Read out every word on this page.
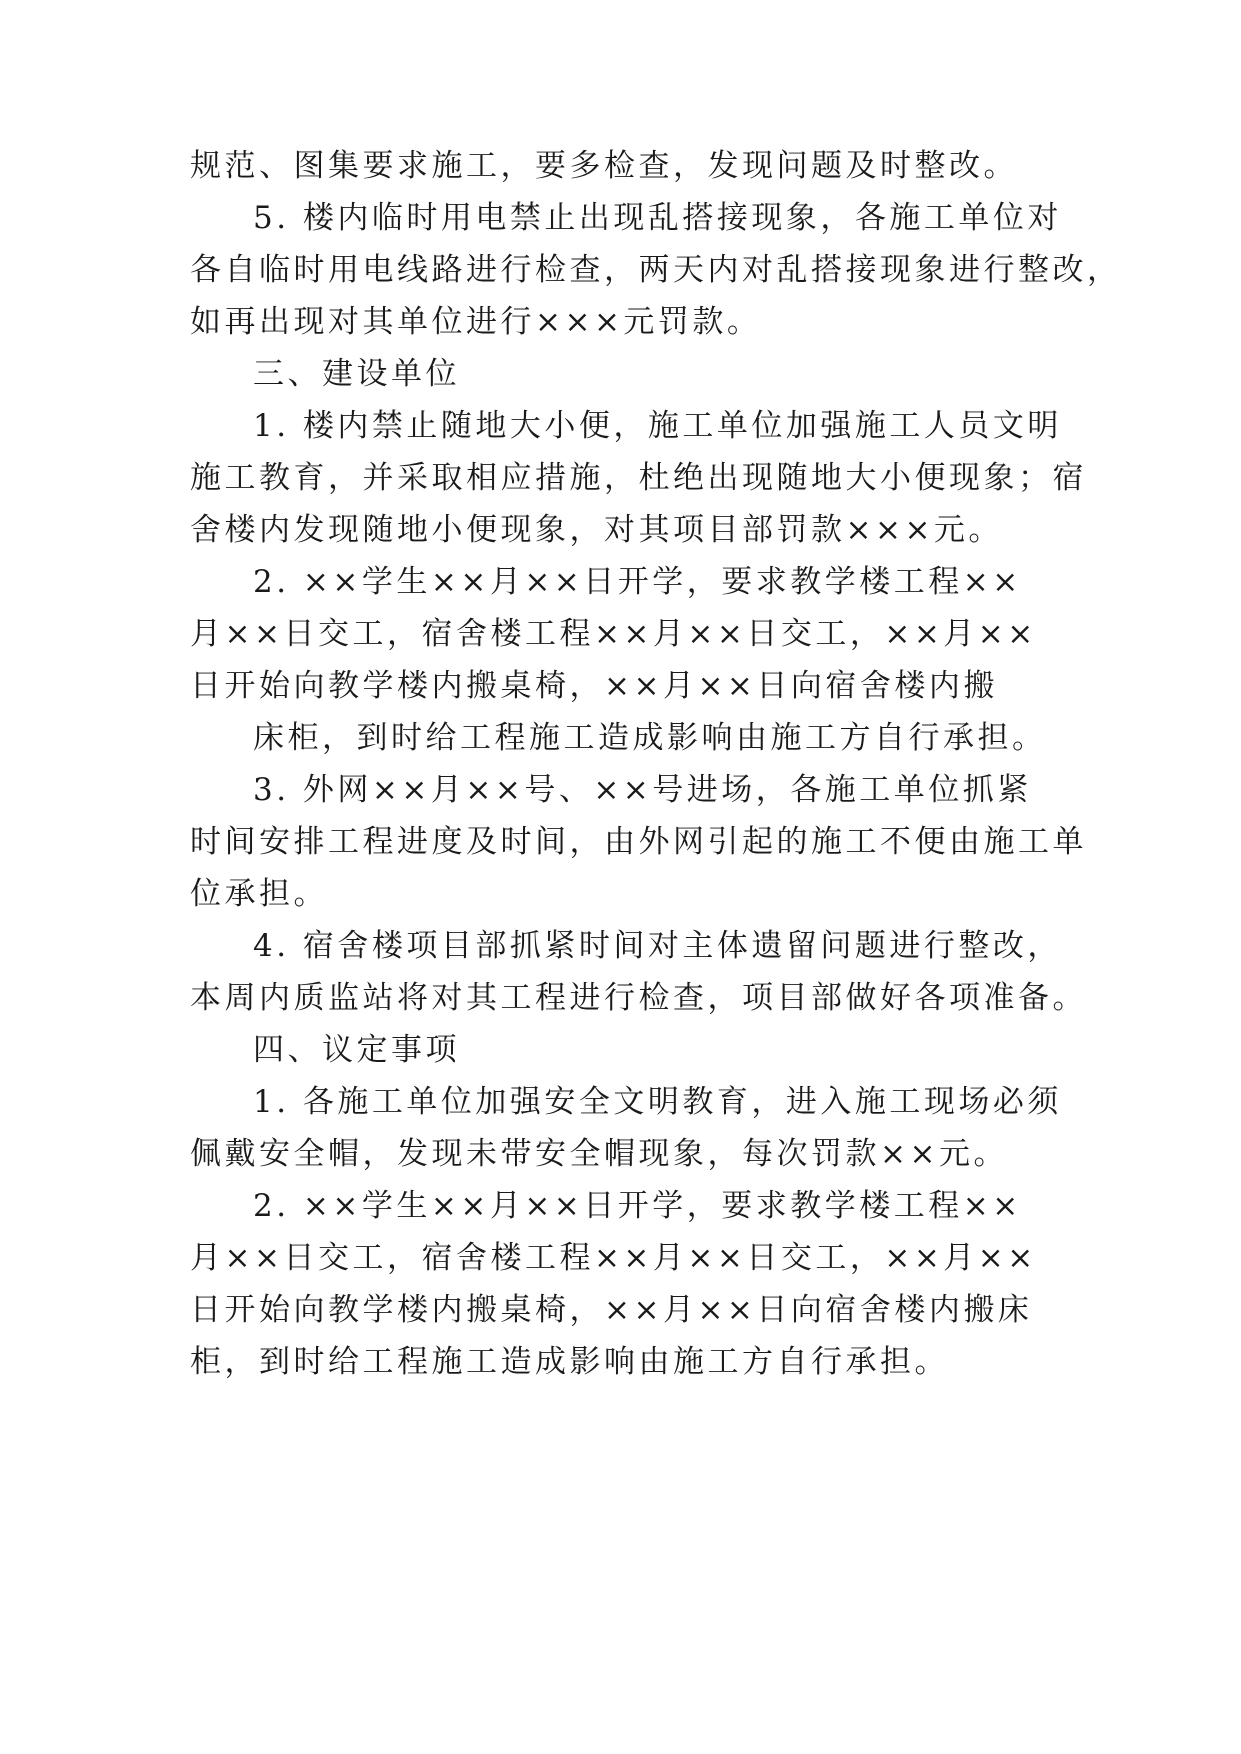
规范、图集要求施工，要多检查，发现问题及时整改。
5. 楼内临时用电禁止出现乱搭接现象，各施工单位对
各自临时用电线路进行检查，两天内对乱搭接现象进行整改，
如再出现对其单位进行×××元罚款。
三、建设单位
1. 楼内禁止随地大小便，施工单位加强施工人员文明
施工教育，并采取相应措施，杜绝出现随地大小便现象；宿
舍楼内发现随地小便现象，对其项目部罚款×××元。
2. ××学生××月××日开学，要求教学楼工程××
月××日交工，宿舍楼工程××月××日交工，××月××
日开始向教学楼内搬桌椅，××月××日向宿舍楼内搬
床柜，到时给工程施工造成影响由施工方自行承担。
3. 外网××月××号、××号进场，各施工单位抓紧
时间安排工程进度及时间，由外网引起的施工不便由施工单
位承担。
4. 宿舍楼项目部抓紧时间对主体遗留问题进行整改，
本周内质监站将对其工程进行检查，项目部做好各项准备。
四、议定事项
1. 各施工单位加强安全文明教育，进入施工现场必须
佩戴安全帽，发现未带安全帽现象，每次罚款××元。
2. ××学生××月××日开学，要求教学楼工程××
月××日交工，宿舍楼工程××月××日交工，××月××
日开始向教学楼内搬桌椅，××月××日向宿舍楼内搬床
柜，到时给工程施工造成影响由施工方自行承担。
